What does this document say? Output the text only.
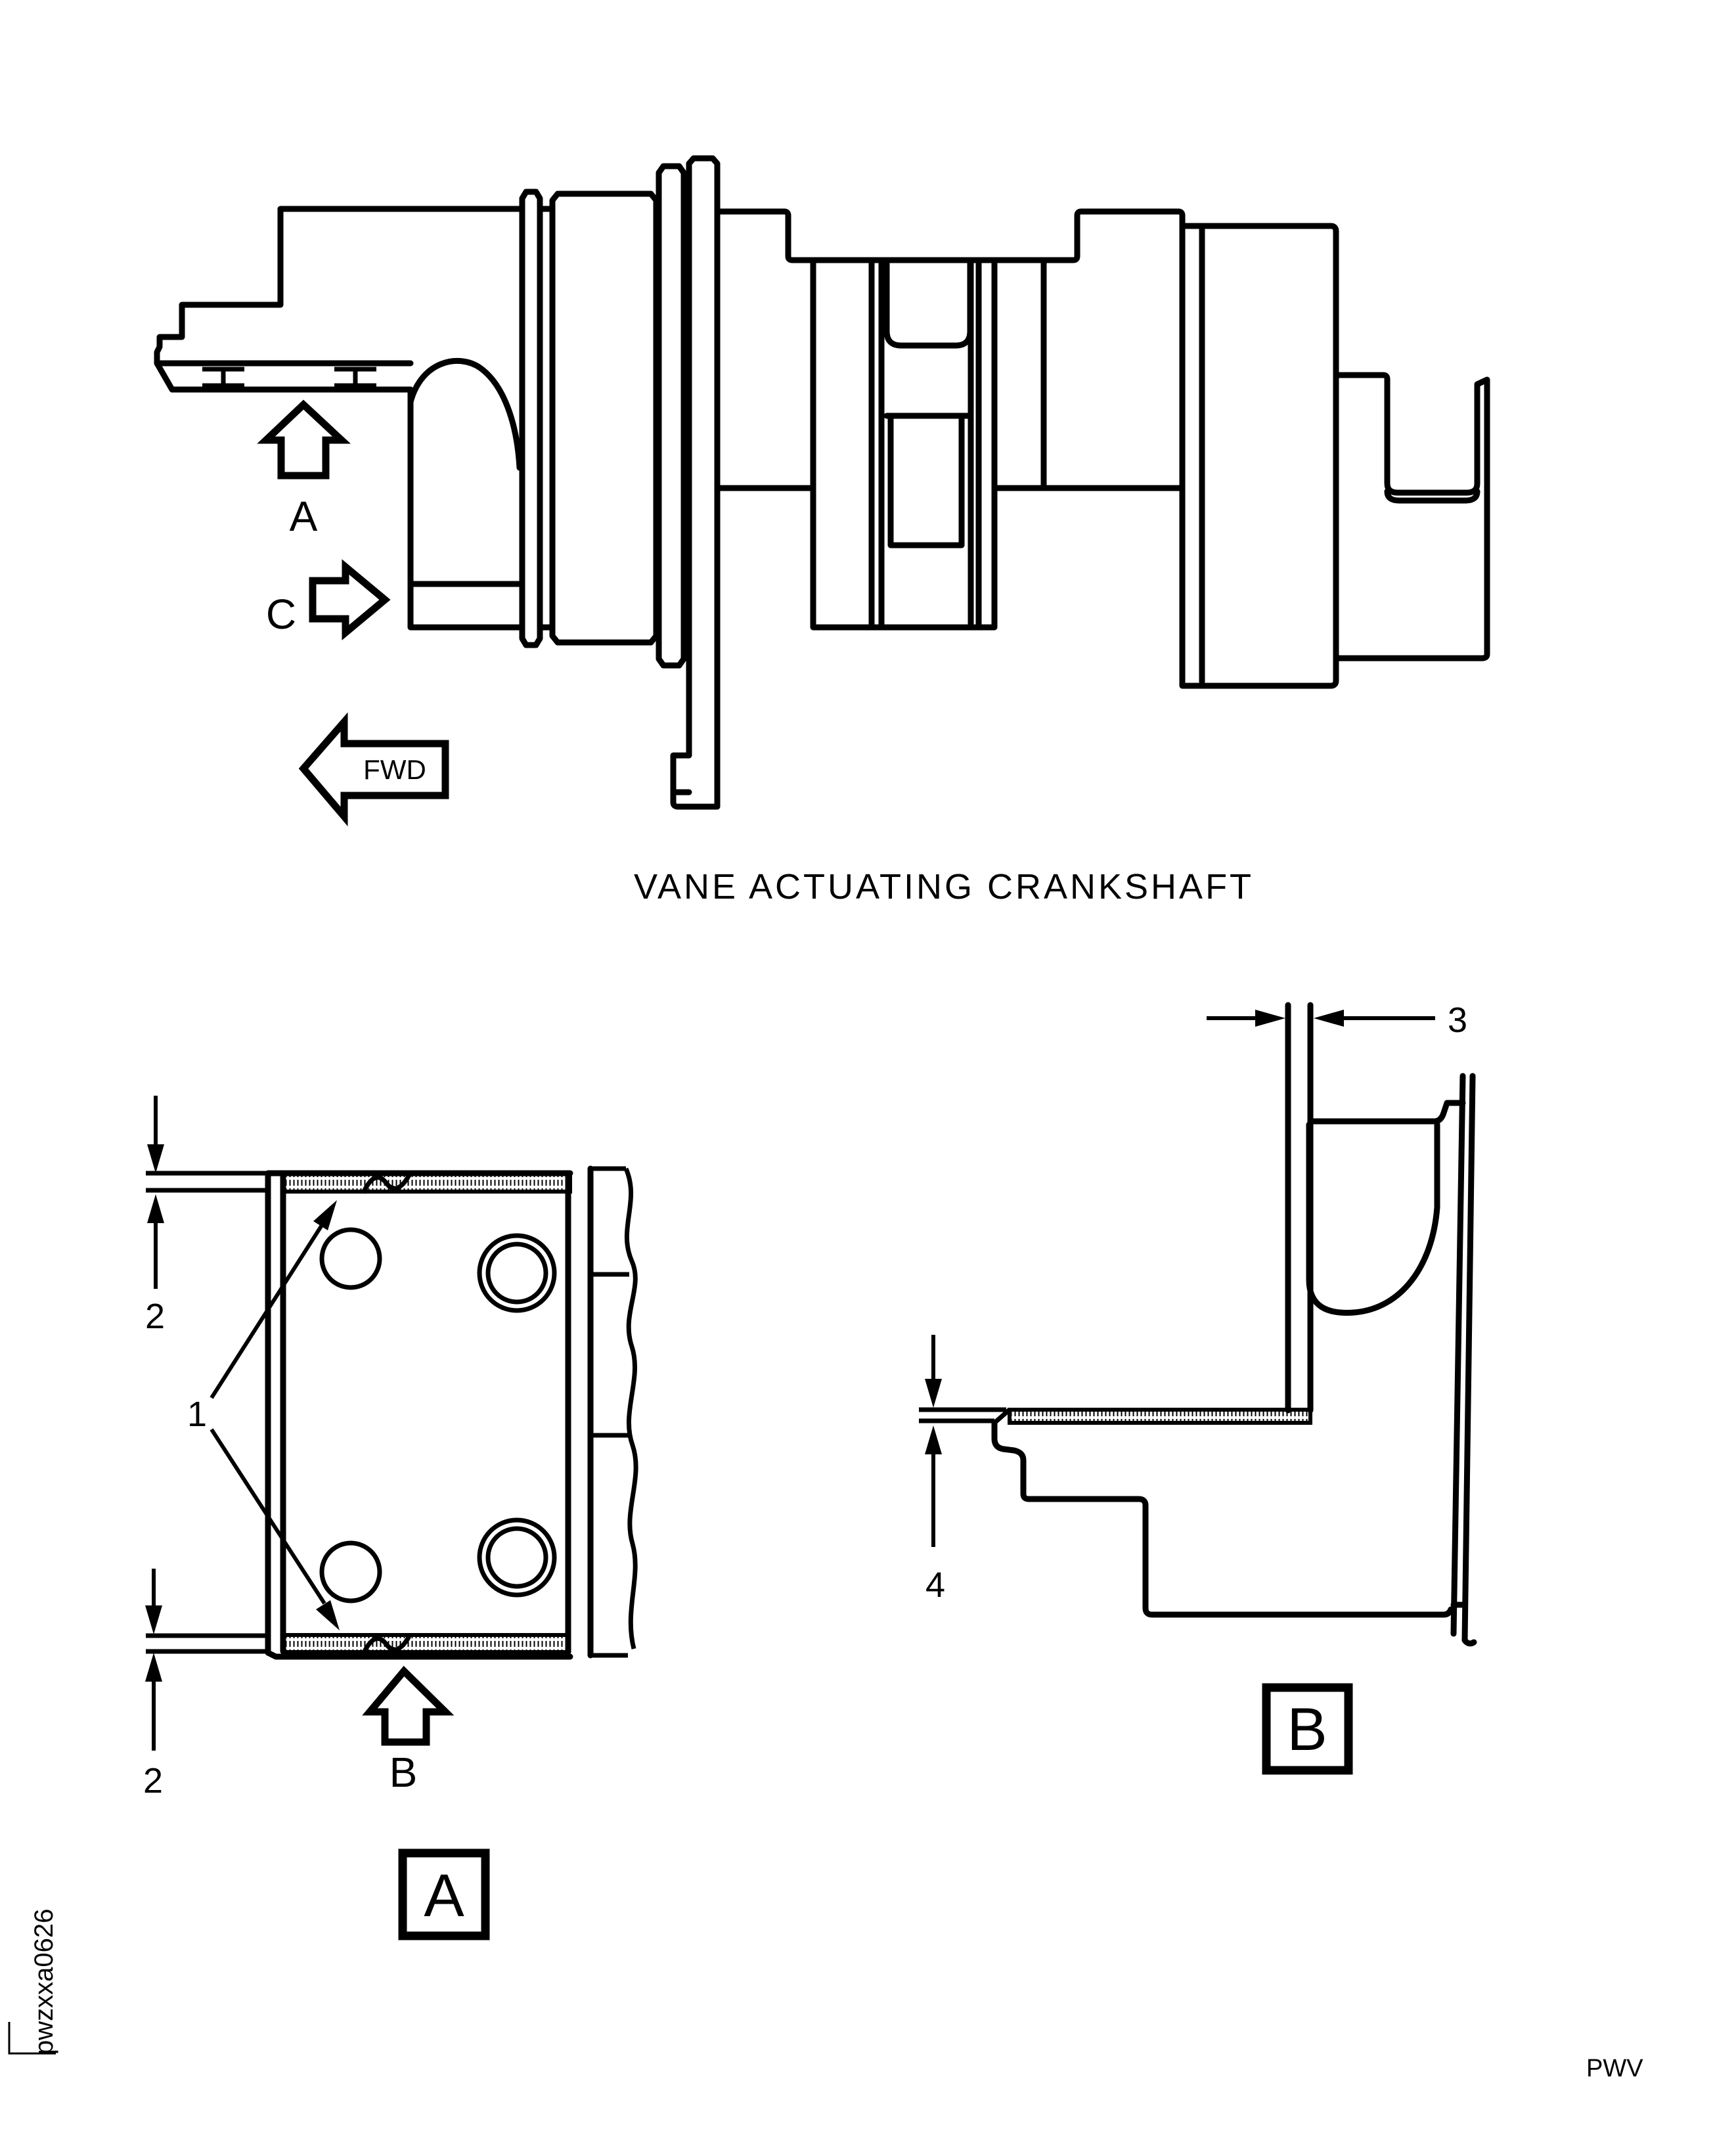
A
C
FWD
VANE ACTUATING CRANKSHAFT
2
2
1
B
A
3
4
B
pwzxxa0626
PWV
